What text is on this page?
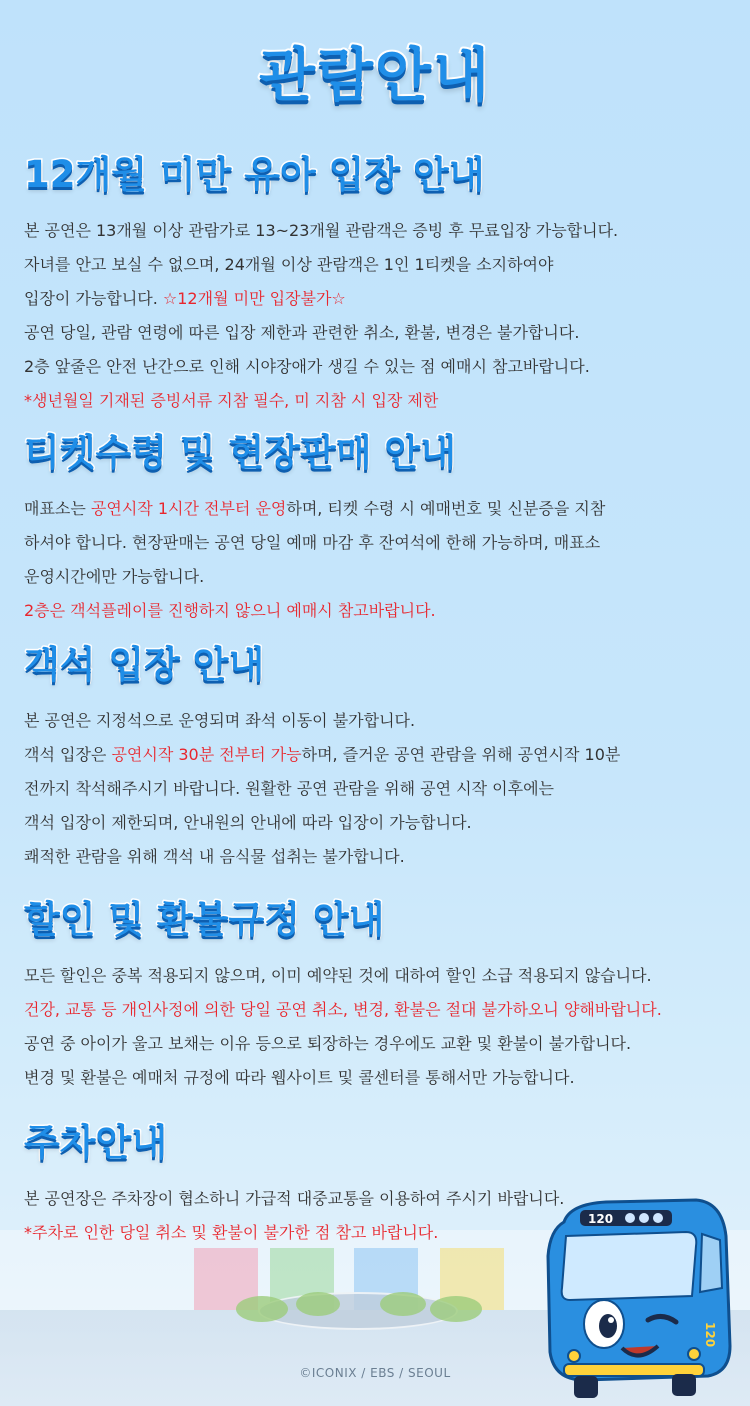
관람안내
12개월 미만 유아 입장 안내
본 공연은 13개월 이상 관람가로 13~23개월 관람객은 증빙 후 무료입장 가능합니다.
자녀를 안고 보실 수 없으며, 24개월 이상 관람객은 1인 1티켓을 소지하여야
입장이 가능합니다. ☆12개월 미만 입장불가☆
공연 당일, 관람 연령에 따른 입장 제한과 관련한 취소, 환불, 변경은 불가합니다.
2층 앞줄은 안전 난간으로 인해 시야장애가 생길 수 있는 점 예매시 참고바랍니다.
*생년월일 기재된 증빙서류 지참 필수, 미 지참 시 입장 제한
티켓수령 및 현장판매 안내
매표소는 공연시작 1시간 전부터 운영하며, 티켓 수령 시 예매번호 및 신분증을 지참
하셔야 합니다. 현장판매는 공연 당일 예매 마감 후 잔여석에 한해 가능하며, 매표소
운영시간에만 가능합니다.
2층은 객석플레이를 진행하지 않으니 예매시 참고바랍니다.
객석 입장 안내
본 공연은 지정석으로 운영되며 좌석 이동이 불가합니다.
객석 입장은 공연시작 30분 전부터 가능하며, 즐거운 공연 관람을 위해 공연시작 10분
전까지 착석해주시기 바랍니다. 원활한 공연 관람을 위해 공연 시작 이후에는
객석 입장이 제한되며, 안내원의 안내에 따라 입장이 가능합니다.
쾌적한 관람을 위해 객석 내 음식물 섭취는 불가합니다.
할인 및 환불규정 안내
모든 할인은 중복 적용되지 않으며, 이미 예약된 것에 대하여 할인 소급 적용되지 않습니다.
건강, 교통 등 개인사정에 의한 당일 공연 취소, 변경, 환불은 절대 불가하오니 양해바랍니다.
공연 중 아이가 울고 보채는 이유 등으로 퇴장하는 경우에도 교환 및 환불이 불가합니다.
변경 및 환불은 예매처 규정에 따라 웹사이트 및 콜센터를 통해서만 가능합니다.
주차안내
본 공연장은 주차장이 협소하니 가급적 대중교통을 이용하여 주시기 바랍니다.
*주차로 인한 당일 취소 및 환불이 불가한 점 참고 바랍니다.
120
120
©ICONIX / EBS / SEOUL
